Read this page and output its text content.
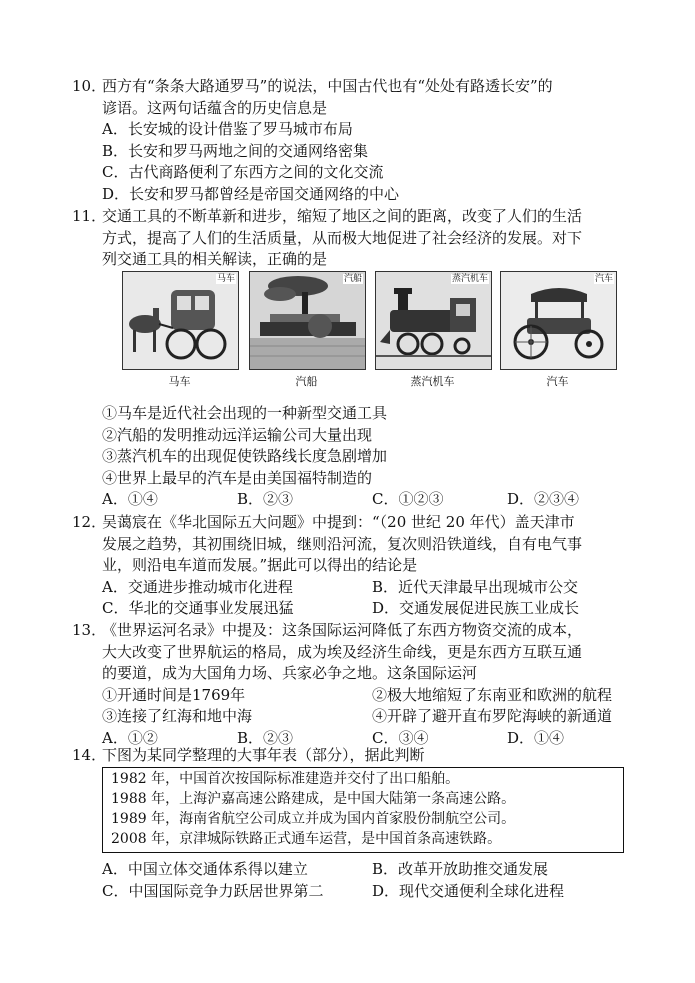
10．
西方有“条条大路通罗马”的说法，中国古代也有“处处有路透长安”的
谚语。这两句话蕴含的历史信息是
A．长安城的设计借鉴了罗马城市布局
B．长安和罗马两地之间的交通网络密集
C．古代商路便利了东西方之间的文化交流
D．长安和罗马都曾经是帝国交通网络的中心
11．
交通工具的不断革新和进步，缩短了地区之间的距离，改变了人们的生活
方式，提高了人们的生活质量，从而极大地促进了社会经济的发展。对下
列交通工具的相关解读，正确的是
马车
马车
汽船
汽船
蒸汽机车
蒸汽机车
汽车
汽车
①马车是近代社会出现的一种新型交通工具
②汽船的发明推动远洋运输公司大量出现
③蒸汽机车的出现促使铁路线长度急剧增加
④世界上最早的汽车是由美国福特制造的
A．①④	B．②③	C．①②③	D．②③④
12．
吴蔼宸在《华北国际五大问题》中提到：“（20 世纪 20 年代）盖天津市
发展之趋势，其初围绕旧城，继则沿河流，复次则沿铁道线，自有电气事
业，则沿电车道而发展。”据此可以得出的结论是
A．交通进步推动城市化进程	B．近代天津最早出现城市公交
C．华北的交通事业发展迅猛	D．交通发展促进民族工业成长
13．
《世界运河名录》中提及：这条国际运河降低了东西方物资交流的成本，
大大改变了世界航运的格局，成为埃及经济生命线，更是东西方互联互通
的要道，成为大国角力场、兵家必争之地。这条国际运河
①开通时间是1769年	②极大地缩短了东南亚和欧洲的航程
③连接了红海和地中海	④开辟了避开直布罗陀海峡的新通道
A．①②	B．②③	C．③④	D．①④
14．
下图为某同学整理的大事年表（部分），据此判断
1982 年，中国首次按国际标准建造并交付了出口船舶。
1988 年，上海沪嘉高速公路建成，是中国大陆第一条高速公路。
1989 年，海南省航空公司成立并成为国内首家股份制航空公司。
2008 年，京津城际铁路正式通车运营，是中国首条高速铁路。
A．中国立体交通体系得以建立	B．改革开放助推交通发展
C．中国国际竞争力跃居世界第二	D．现代交通便利全球化进程
